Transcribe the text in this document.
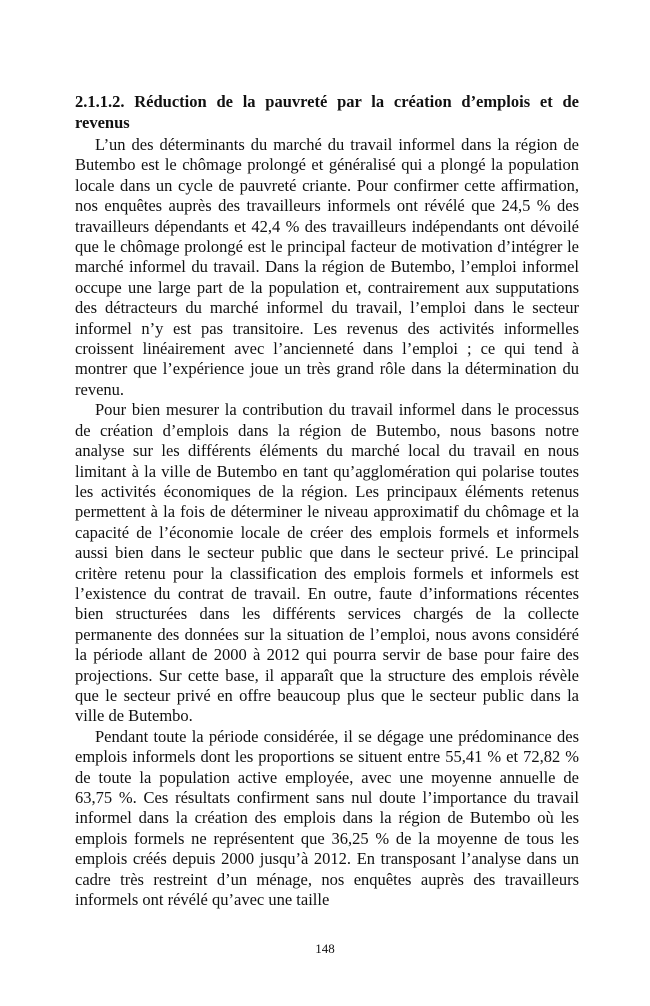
2.1.1.2. Réduction de la pauvreté par la création d’emplois et de revenus

L’un des déterminants du marché du travail informel dans la région de Butembo est le chômage prolongé et généralisé qui a plongé la population locale dans un cycle de pauvreté criante. Pour confirmer cette affirmation, nos enquêtes auprès des travailleurs informels ont révélé que 24,5 % des travailleurs dépendants et 42,4 % des travailleurs indépendants ont dévoilé que le chômage prolongé est le principal facteur de motivation d’intégrer le marché informel du travail. Dans la région de Butembo, l’emploi informel occupe une large part de la population et, contrairement aux supputations des détracteurs du marché informel du travail, l’emploi dans le secteur informel n’y est pas transitoire. Les revenus des activités informelles croissent linéairement avec l’ancienneté dans l’emploi ; ce qui tend à montrer que l’expérience joue un très grand rôle dans la détermination du revenu.

Pour bien mesurer la contribution du travail informel dans le processus de création d’emplois dans la région de Butembo, nous basons notre analyse sur les différents éléments du marché local du travail en nous limitant à la ville de Butembo en tant qu’agglomération qui polarise toutes les activités économiques de la région. Les principaux éléments retenus permettent à la fois de déterminer le niveau approximatif du chômage et la capacité de l’économie locale de créer des emplois formels et informels aussi bien dans le secteur public que dans le secteur privé. Le principal critère retenu pour la classification des emplois formels et informels est l’existence du contrat de travail. En outre, faute d’informations récentes bien structurées dans les différents services chargés de la collecte permanente des données sur la situation de l’emploi, nous avons considéré la période allant de 2000 à 2012 qui pourra servir de base pour faire des projections. Sur cette base, il apparaît que la structure des emplois révèle que le secteur privé en offre beaucoup plus que le secteur public dans la ville de Butembo.

Pendant toute la période considérée, il se dégage une prédominance des emplois informels dont les proportions se situent entre 55,41 % et 72,82 % de toute la population active employée, avec une moyenne annuelle de 63,75 %. Ces résultats confirment sans nul doute l’importance du travail informel dans la création des emplois dans la région de Butembo où les emplois formels ne représentent que 36,25 % de la moyenne de tous les emplois créés depuis 2000 jusqu’à 2012. En transposant l’analyse dans un cadre très restreint d’un ménage, nos enquêtes auprès des travailleurs informels ont révélé qu’avec une taille

148
